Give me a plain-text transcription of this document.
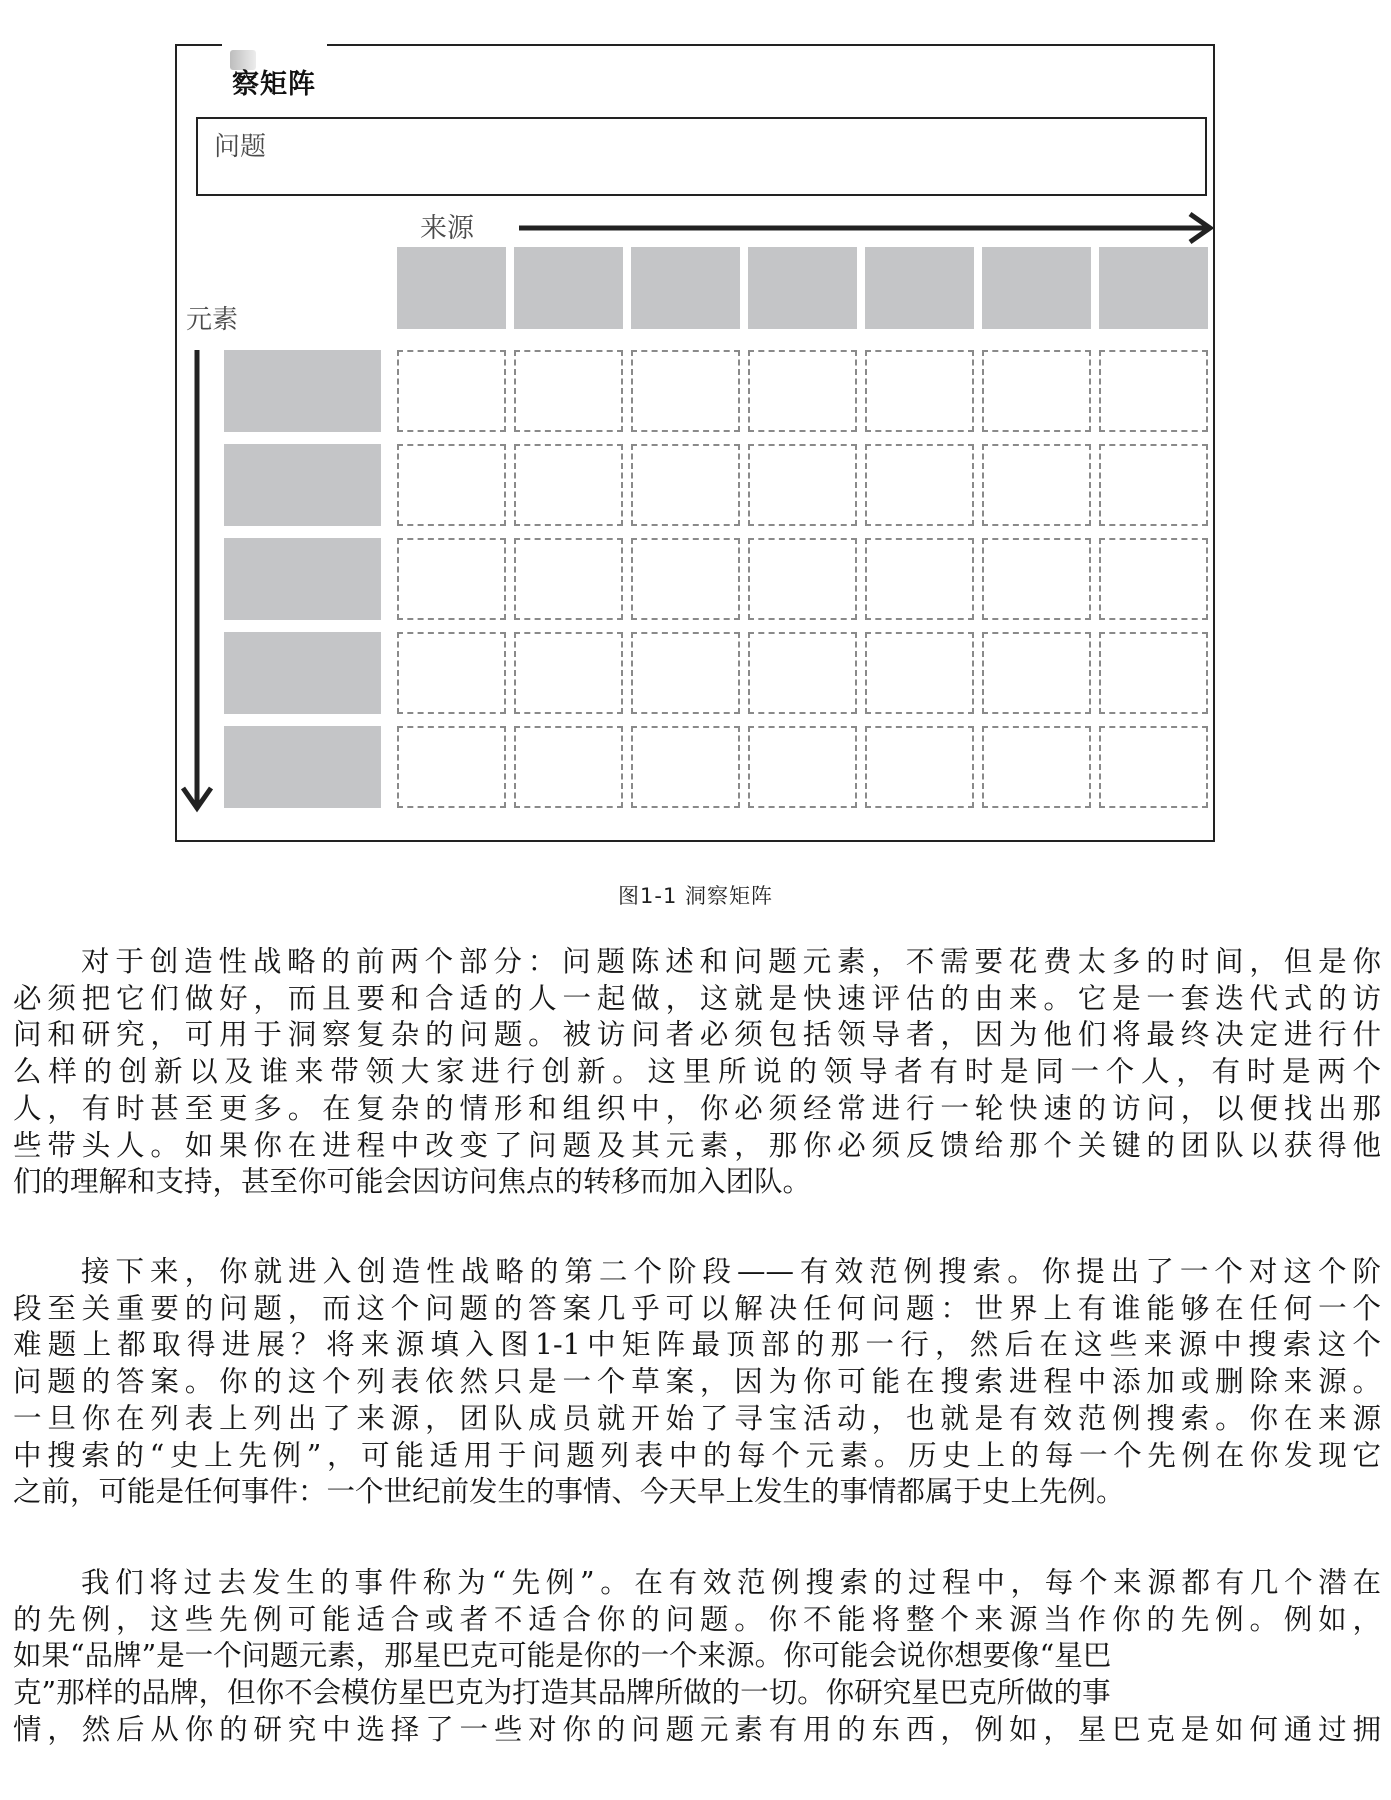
察矩阵
问题
来源
元素
图1-1 洞察矩阵
对于创造性战略的前两个部分：问题陈述和问题元素，不需要花费太多的时间，但是你
必须把它们做好，而且要和合适的人一起做，这就是快速评估的由来。它是一套迭代式的访
问和研究，可用于洞察复杂的问题。被访问者必须包括领导者，因为他们将最终决定进行什
么样的创新以及谁来带领大家进行创新。这里所说的领导者有时是同一个人，有时是两个
人，有时甚至更多。在复杂的情形和组织中，你必须经常进行一轮快速的访问，以便找出那
些带头人。如果你在进程中改变了问题及其元素，那你必须反馈给那个关键的团队以获得他
们的理解和支持，甚至你可能会因访问焦点的转移而加入团队。
接下来，你就进入创造性战略的第二个阶段——有效范例搜索。你提出了一个对这个阶
段至关重要的问题，而这个问题的答案几乎可以解决任何问题：世界上有谁能够在任何一个
难题上都取得进展？将来源填入图1-1中矩阵最顶部的那一行，然后在这些来源中搜索这个
问题的答案。你的这个列表依然只是一个草案，因为你可能在搜索进程中添加或删除来源。
一旦你在列表上列出了来源，团队成员就开始了寻宝活动，也就是有效范例搜索。你在来源
中搜索的“史上先例”，可能适用于问题列表中的每个元素。历史上的每一个先例在你发现它
之前，可能是任何事件：一个世纪前发生的事情、今天早上发生的事情都属于史上先例。
我们将过去发生的事件称为“先例”。在有效范例搜索的过程中，每个来源都有几个潜在
的先例，这些先例可能适合或者不适合你的问题。你不能将整个来源当作你的先例。例如，
如果“品牌”是一个问题元素，那星巴克可能是你的一个来源。你可能会说你想要像“星巴
克”那样的品牌，但你不会模仿星巴克为打造其品牌所做的一切。你研究星巴克所做的事
情，然后从你的研究中选择了一些对你的问题元素有用的东西，例如，星巴克是如何通过拥
